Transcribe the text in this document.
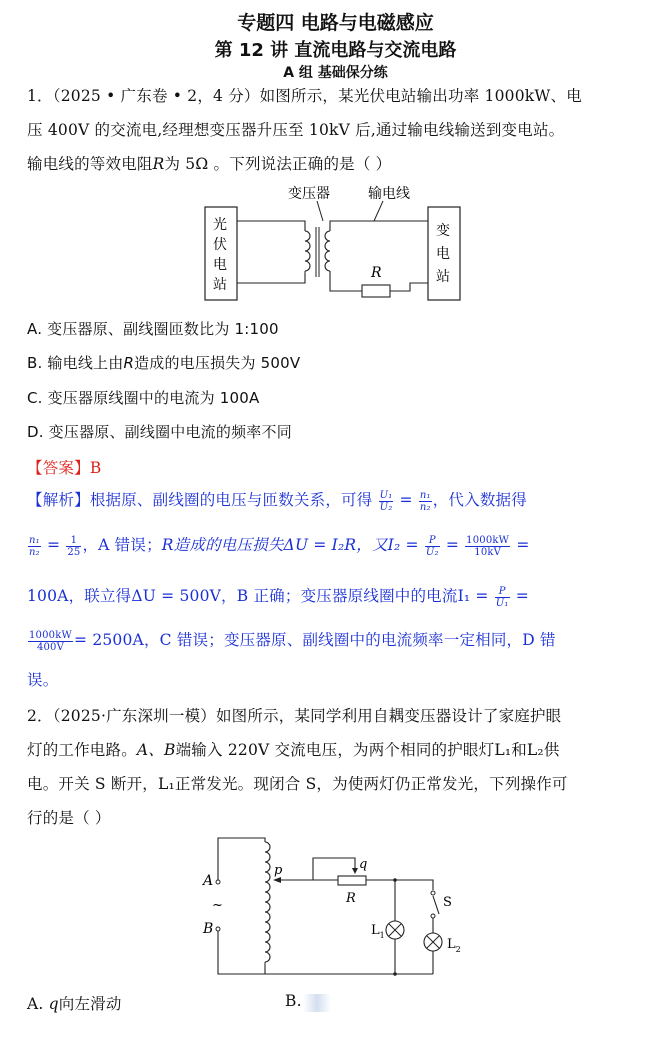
专题四 电路与电磁感应
第 12 讲 直流电路与交流电路
A 组 基础保分练
1．（2025 • 广东卷 • 2，4 分）如图所示，某光伏电站输出功率 1000kW、电
压 400V 的交流电,经理想变压器升压至 10kV 后,通过输电线输送到变电站。
输电线的等效电阻R为 5Ω 。下列说法正确的是（ ）
变压器	输电线
光
伏
电
站
变
电
站
R
A. 变压器原、副线圈匝数比为 1:100
B. 输电线上由R造成的电压损失为 500V
C. 变压器原线圈中的电流为 100A
D. 变压器原、副线圈中电流的频率不同
【答案】B
【解析】根据原、副线圈的电压与匝数关系，可得 $\frac{\text{U₁}}{\text{U₂}} = \frac{\text{n₁}}{\text{n₂}}$ ，代入数据得
$\frac{\text{n₁}}{\text{n₂}} = \frac{1}{25}$ ，A 错误；R造成的电压损失ΔU = I₂R，又$I_2 = \frac{P}{\text{U₂}} = \frac{1000kW}{10kV}$ =
100A，联立得ΔU = 500V，B 正确；变压器原线圈中的电流$I_1 = \frac{P}{\text{U₁}}$ =
$\frac{1000kW}{400V} = 2500A$，C 错误；变压器原、副线圈中的电流频率一定相同，D 错
误。
2．（2025·广东深圳一模）如图所示，某同学利用自耦变压器设计了家庭护眼
灯的工作电路。A、B端输入 220V 交流电压，为两个相同的护眼灯L₁和L₂供
电。开关 S 断开，L₁正常发光。现闭合 S，为使两灯仍正常发光，下列操作可
行的是（ ）
A
B
~
p	q
R
$L_1$
S
$L_2$
A. q向左滑动	B.
